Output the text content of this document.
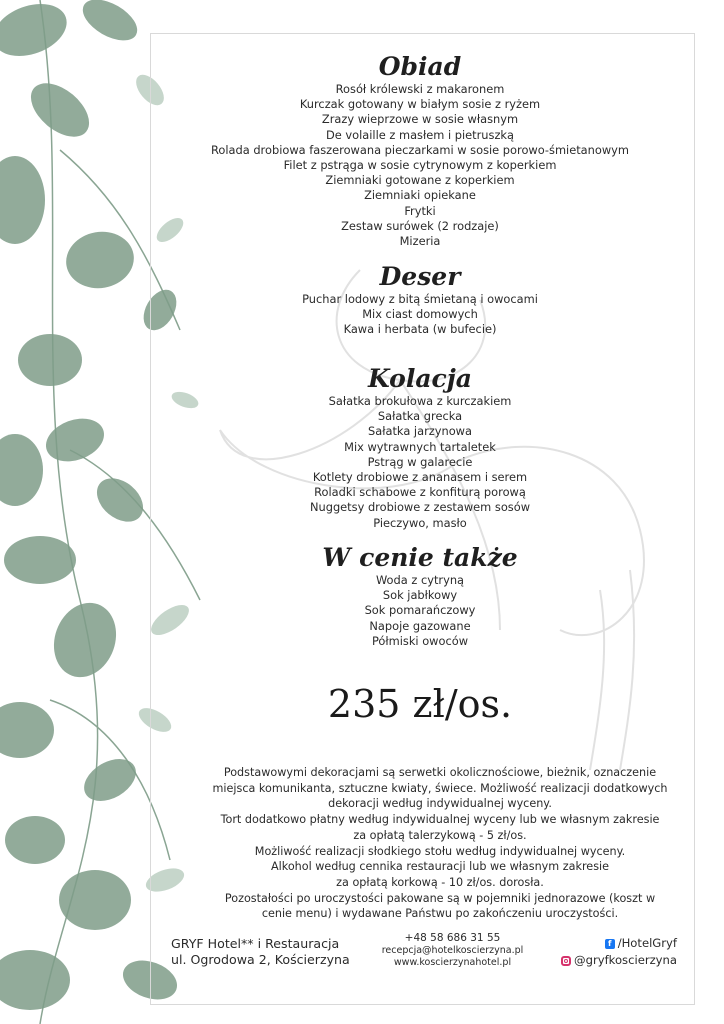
Obiad
Rosół królewski z makaronem
Kurczak gotowany w białym sosie z ryżem
Zrazy wieprzowe w sosie własnym
De volaille z masłem i pietruszką
Rolada drobiowa faszerowana pieczarkami w sosie porowo-śmietanowym
Filet z pstrąga w sosie cytrynowym z koperkiem
Ziemniaki gotowane z koperkiem
Ziemniaki opiekane
Frytki
Zestaw surówek (2 rodzaje)
Mizeria
Deser
Puchar lodowy z bitą śmietaną i owocami
Mix ciast domowych
Kawa i herbata (w bufecie)
Kolacja
Sałatka brokułowa z kurczakiem
Sałatka grecka
Sałatka jarzynowa
Mix wytrawnych tartaletek
Pstrąg w galarecie
Kotlety drobiowe z ananasem i serem
Roladki schabowe z konfiturą porową
Nuggetsy drobiowe z zestawem sosów
Pieczywo, masło
W cenie także
Woda z cytryną
Sok jabłkowy
Sok pomarańczowy
Napoje gazowane
Półmiski owoców
235 zł/os.

Podstawowymi dekoracjami są serwetki okolicznościowe, bieżnik, oznaczenie

miejsca komunikanta, sztuczne kwiaty, świece. Możliwość realizacji dodatkowych

dekoracji według indywidualnej wyceny.

Tort dodatkowo płatny według indywidualnej wyceny lub we własnym zakresie

za opłatą talerzykową - 5 zł/os.

Możliwość realizacji słodkiego stołu według indywidualnej wyceny.

Alkohol według cennika restauracji lub we własnym zakresie

za opłatą korkową - 10 zł/os. dorosła.

Pozostałości po uroczystości pakowane są w pojemniki jednorazowe (koszt w

cenie menu) i wydawane Państwu po zakończeniu uroczystości.

GRYF Hotel** i Restauracja
ul. Ogrodowa 2, Kościerzyna
+48 58 686 31 55
recepcja@hotelkoscierzyna.pl
www.koscierzynahotel.pl
f /HotelGryf
@gryfkoscierzyna
